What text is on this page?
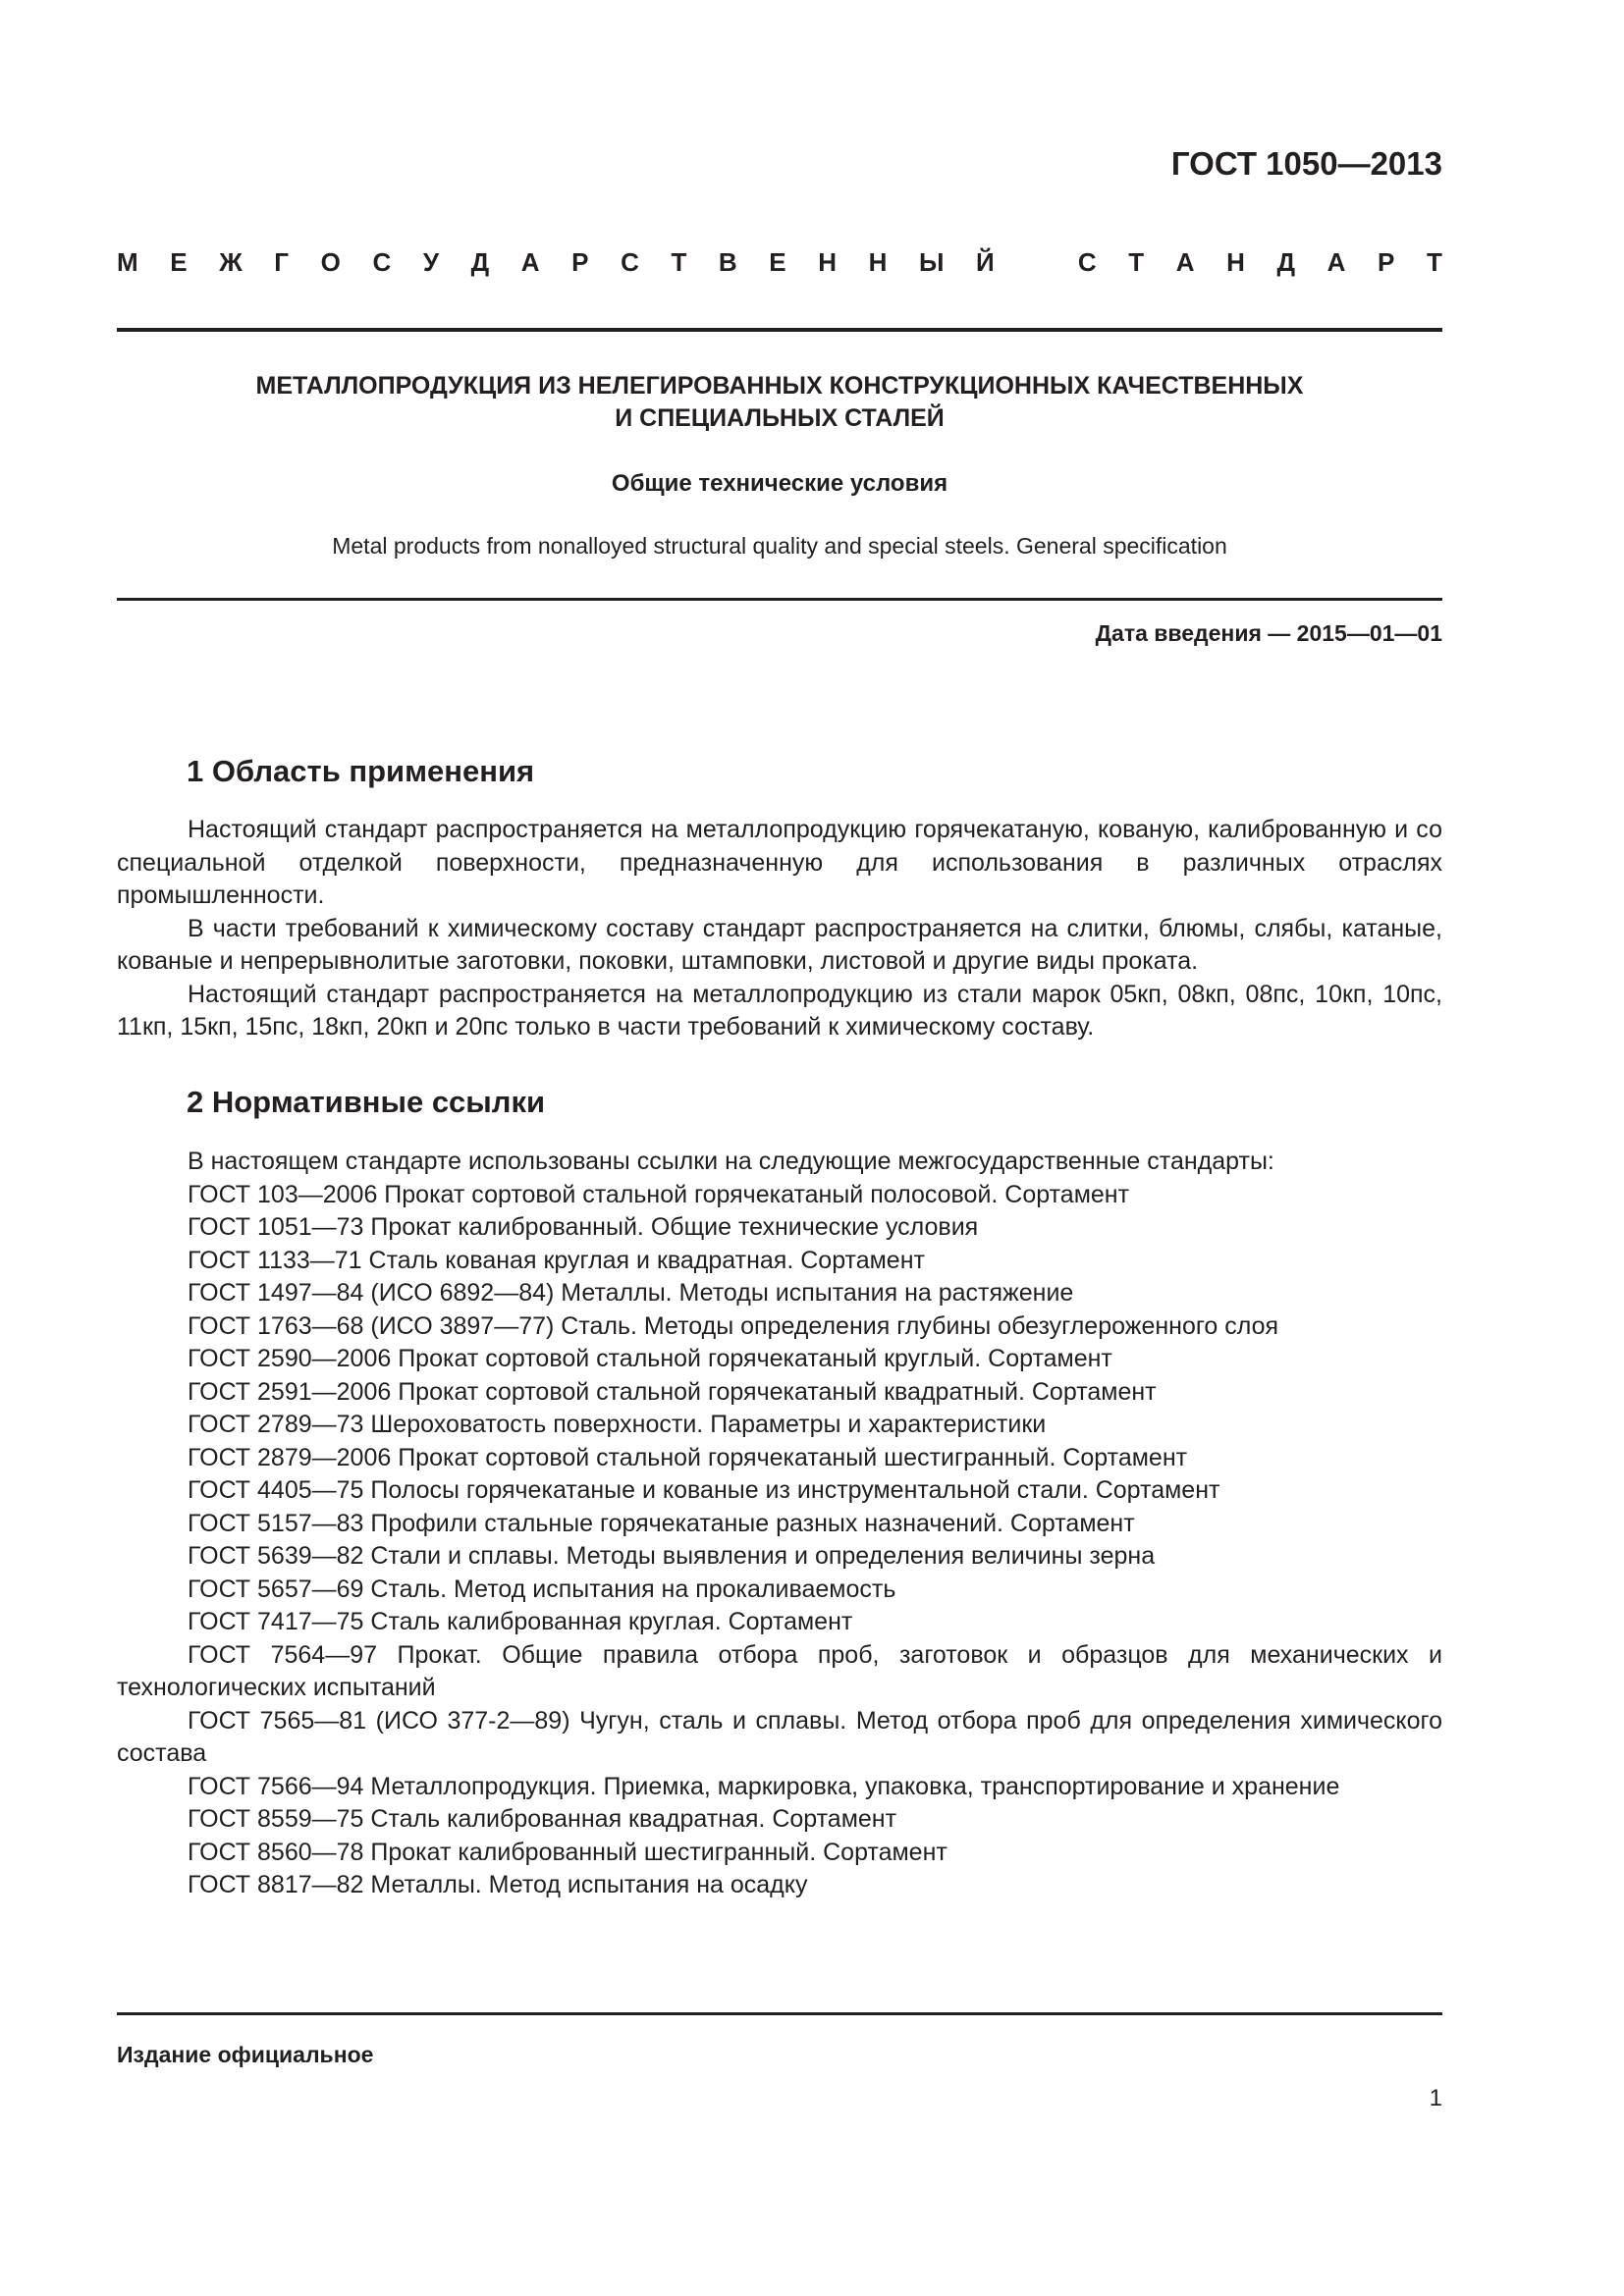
ГОСТ 1050—2013
М Е Ж Г О С У Д А Р С Т В Е Н Н Ы Й	С Т А Н Д А Р Т
МЕТАЛЛОПРОДУКЦИЯ ИЗ НЕЛЕГИРОВАННЫХ КОНСТРУКЦИОННЫХ КАЧЕСТВЕННЫХ
И СПЕЦИАЛЬНЫХ СТАЛЕЙ
Общие технические условия
Metal products from nonalloyed structural quality and special steels. General specification
Дата введения — 2015—01—01
1 Область применения

Настоящий стандарт распространяется на металлопродукцию горячекатаную, кованую, калиброванную и со специальной отделкой поверхности, предназначенную для использования в различных отраслях промышленности.

В части требований к химическому составу стандарт распространяется на слитки, блюмы, слябы, катаные, кованые и непрерывнолитые заготовки, поковки, штамповки, листовой и другие виды проката.

Настоящий стандарт распространяется на металлопродукцию из стали марок 05кп, 08кп, 08пс, 10кп, 10пс, 11кп, 15кп, 15пс, 18кп, 20кп и 20пс только в части требований к химическому составу.

2 Нормативные ссылки

В настоящем стандарте использованы ссылки на следующие межгосударственные стандарты:

ГОСТ 103—2006 Прокат сортовой стальной горячекатаный полосовой. Сортамент

ГОСТ 1051—73 Прокат калиброванный. Общие технические условия

ГОСТ 1133—71 Сталь кованая круглая и квадратная. Сортамент

ГОСТ 1497—84 (ИСО 6892—84) Металлы. Методы испытания на растяжение

ГОСТ 1763—68 (ИСО 3897—77) Сталь. Методы определения глубины обезуглероженного слоя

ГОСТ 2590—2006 Прокат сортовой стальной горячекатаный круглый. Сортамент

ГОСТ 2591—2006 Прокат сортовой стальной горячекатаный квадратный. Сортамент

ГОСТ 2789—73 Шероховатость поверхности. Параметры и характеристики

ГОСТ 2879—2006 Прокат сортовой стальной горячекатаный шестигранный. Сортамент

ГОСТ 4405—75 Полосы горячекатаные и кованые из инструментальной стали. Сортамент

ГОСТ 5157—83 Профили стальные горячекатаные разных назначений. Сортамент

ГОСТ 5639—82 Стали и сплавы. Методы выявления и определения величины зерна

ГОСТ 5657—69 Сталь. Метод испытания на прокаливаемость

ГОСТ 7417—75 Сталь калиброванная круглая. Сортамент

ГОСТ 7564—97 Прокат. Общие правила отбора проб, заготовок и образцов для механических и технологических испытаний

ГОСТ 7565—81 (ИСО 377-2—89) Чугун, сталь и сплавы. Метод отбора проб для определения химического состава

ГОСТ 7566—94 Металлопродукция. Приемка, маркировка, упаковка, транспортирование и хранение

ГОСТ 8559—75 Сталь калиброванная квадратная. Сортамент

ГОСТ 8560—78 Прокат калиброванный шестигранный. Сортамент

ГОСТ 8817—82 Металлы. Метод испытания на осадку

Издание официальное
1
